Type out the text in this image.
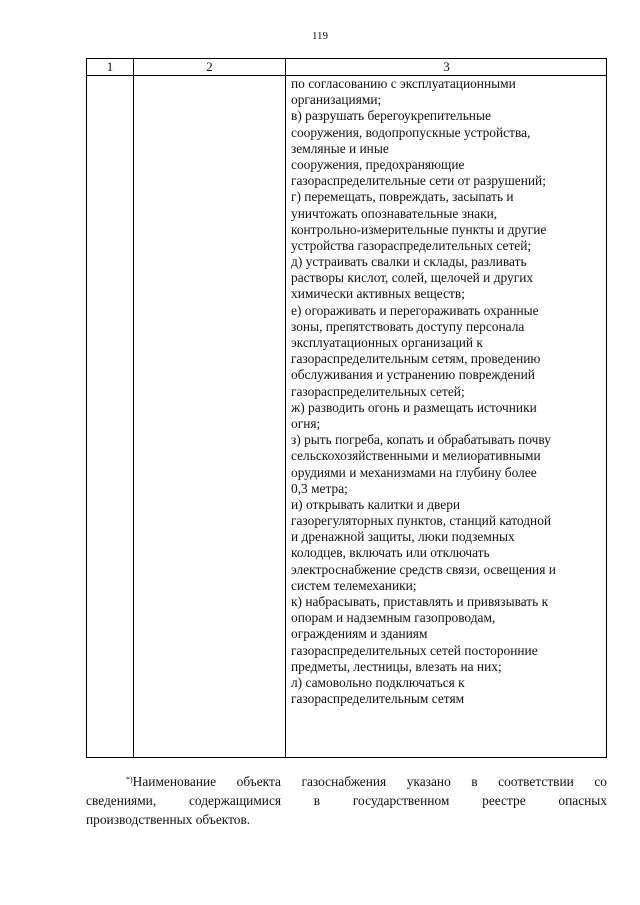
119
1	2	3
по согласованию с эксплуатационными
организациями;
в) разрушать берегоукрепительные
сооружения, водопропускные устройства,
земляные и иные
сооружения, предохраняющие
газораспределительные сети от разрушений;
г) перемещать, повреждать, засыпать и
уничтожать опознавательные знаки,
контрольно-измерительные пункты и другие
устройства газораспределительных сетей;
д) устраивать свалки и склады, разливать
растворы кислот, солей, щелочей и других
химически активных веществ;
е) огораживать и перегораживать охранные
зоны, препятствовать доступу персонала
эксплуатационных организаций к
газораспределительным сетям, проведению
обслуживания и устранению повреждений
газораспределительных сетей;
ж) разводить огонь и размещать источники
огня;
з) рыть погреба, копать и обрабатывать почву
сельскохозяйственными и мелиоративными
орудиями и механизмами на глубину более
0,3 метра;
и) открывать калитки и двери
газорегуляторных пунктов, станций катодной
и дренажной защиты, люки подземных
колодцев, включать или отключать
электроснабжение средств связи, освещения и
систем телемеханики;
к) набрасывать, приставлять и привязывать к
опорам и надземным газопроводам,
ограждениям и зданиям
газораспределительных сетей посторонние
предметы, лестницы, влезать на них;
л) самовольно подключаться к
газораспределительным сетям
*)Наименование объекта газоснабжения указано в соответствии со
сведениями, содержащимися в государственном реестре опасных
производственных объектов.
